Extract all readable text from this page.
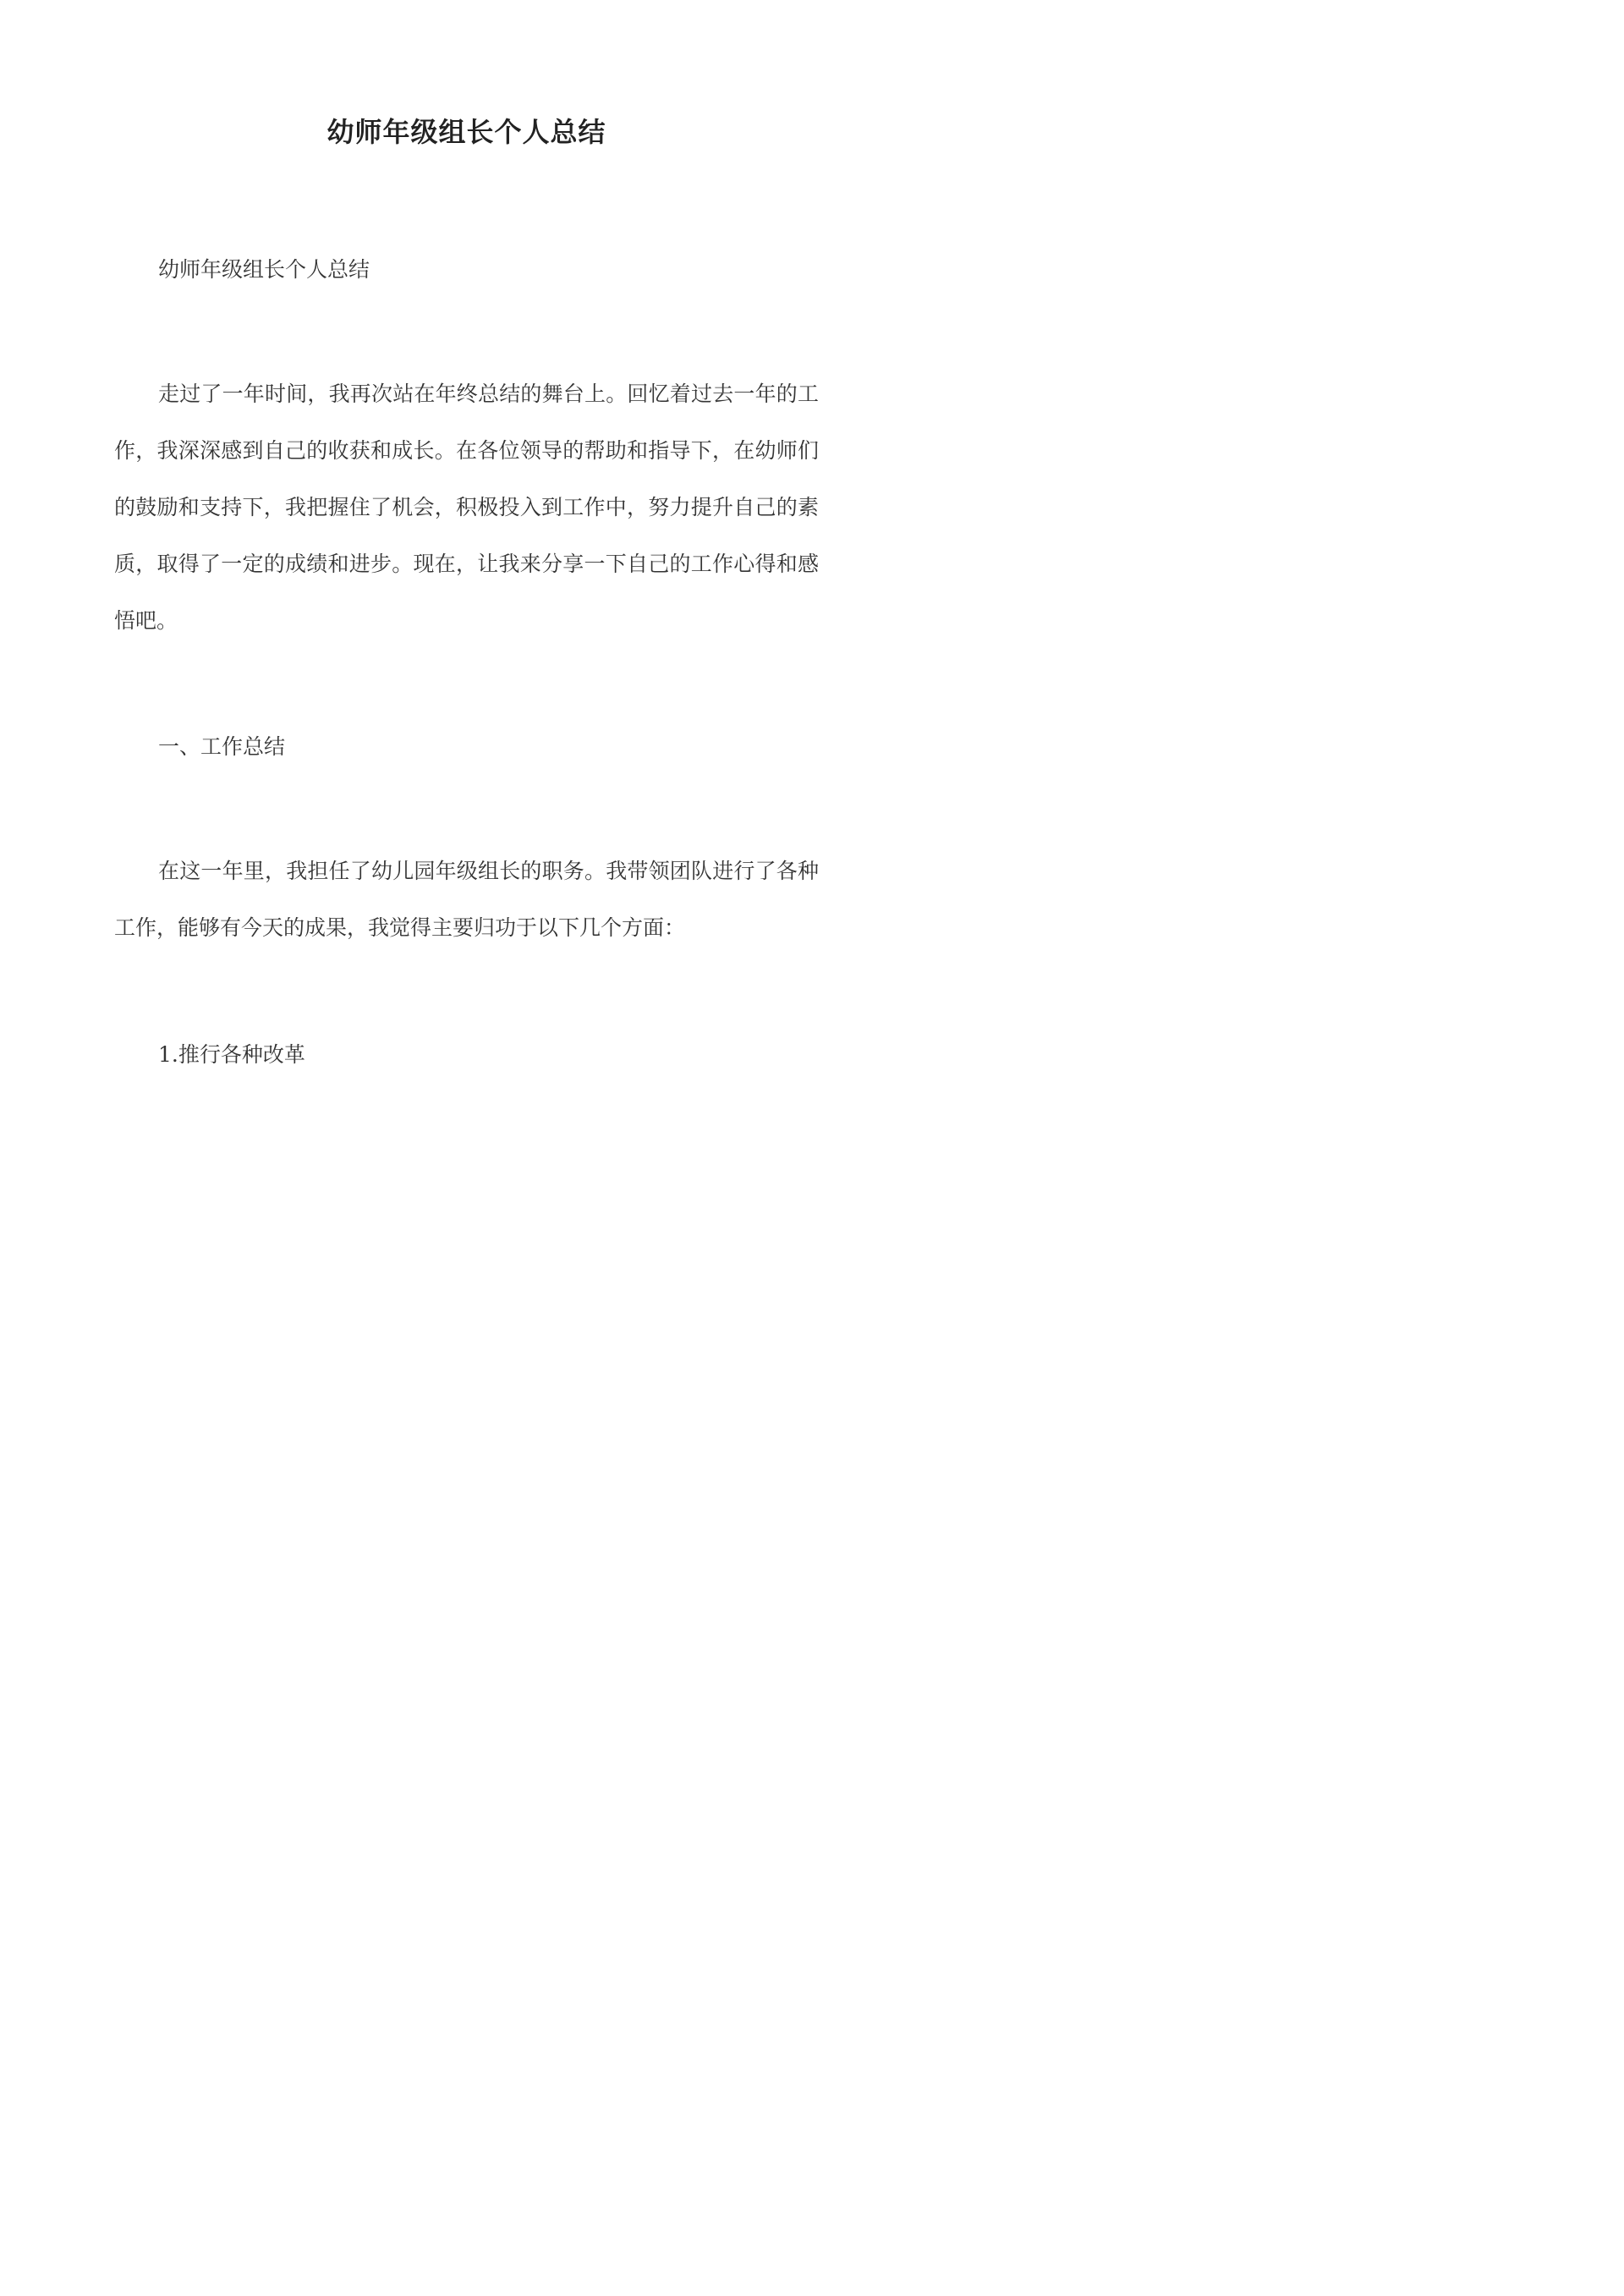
幼师年级组长个人总结

幼师年级组长个人总结

走过了一年时间，我再次站在年终总结的舞台上。回忆着过去一年的工作，我深深感到自己的收获和成长。在各位领导的帮助和指导下，在幼师们的鼓励和支持下，我把握住了机会，积极投入到工作中，努力提升自己的素质，取得了一定的成绩和进步。现在，让我来分享一下自己的工作心得和感悟吧。

一、工作总结

在这一年里，我担任了幼儿园年级组长的职务。我带领团队进行了各种工作，能够有今天的成果，我觉得主要归功于以下几个方面：

1.推行各种改革
